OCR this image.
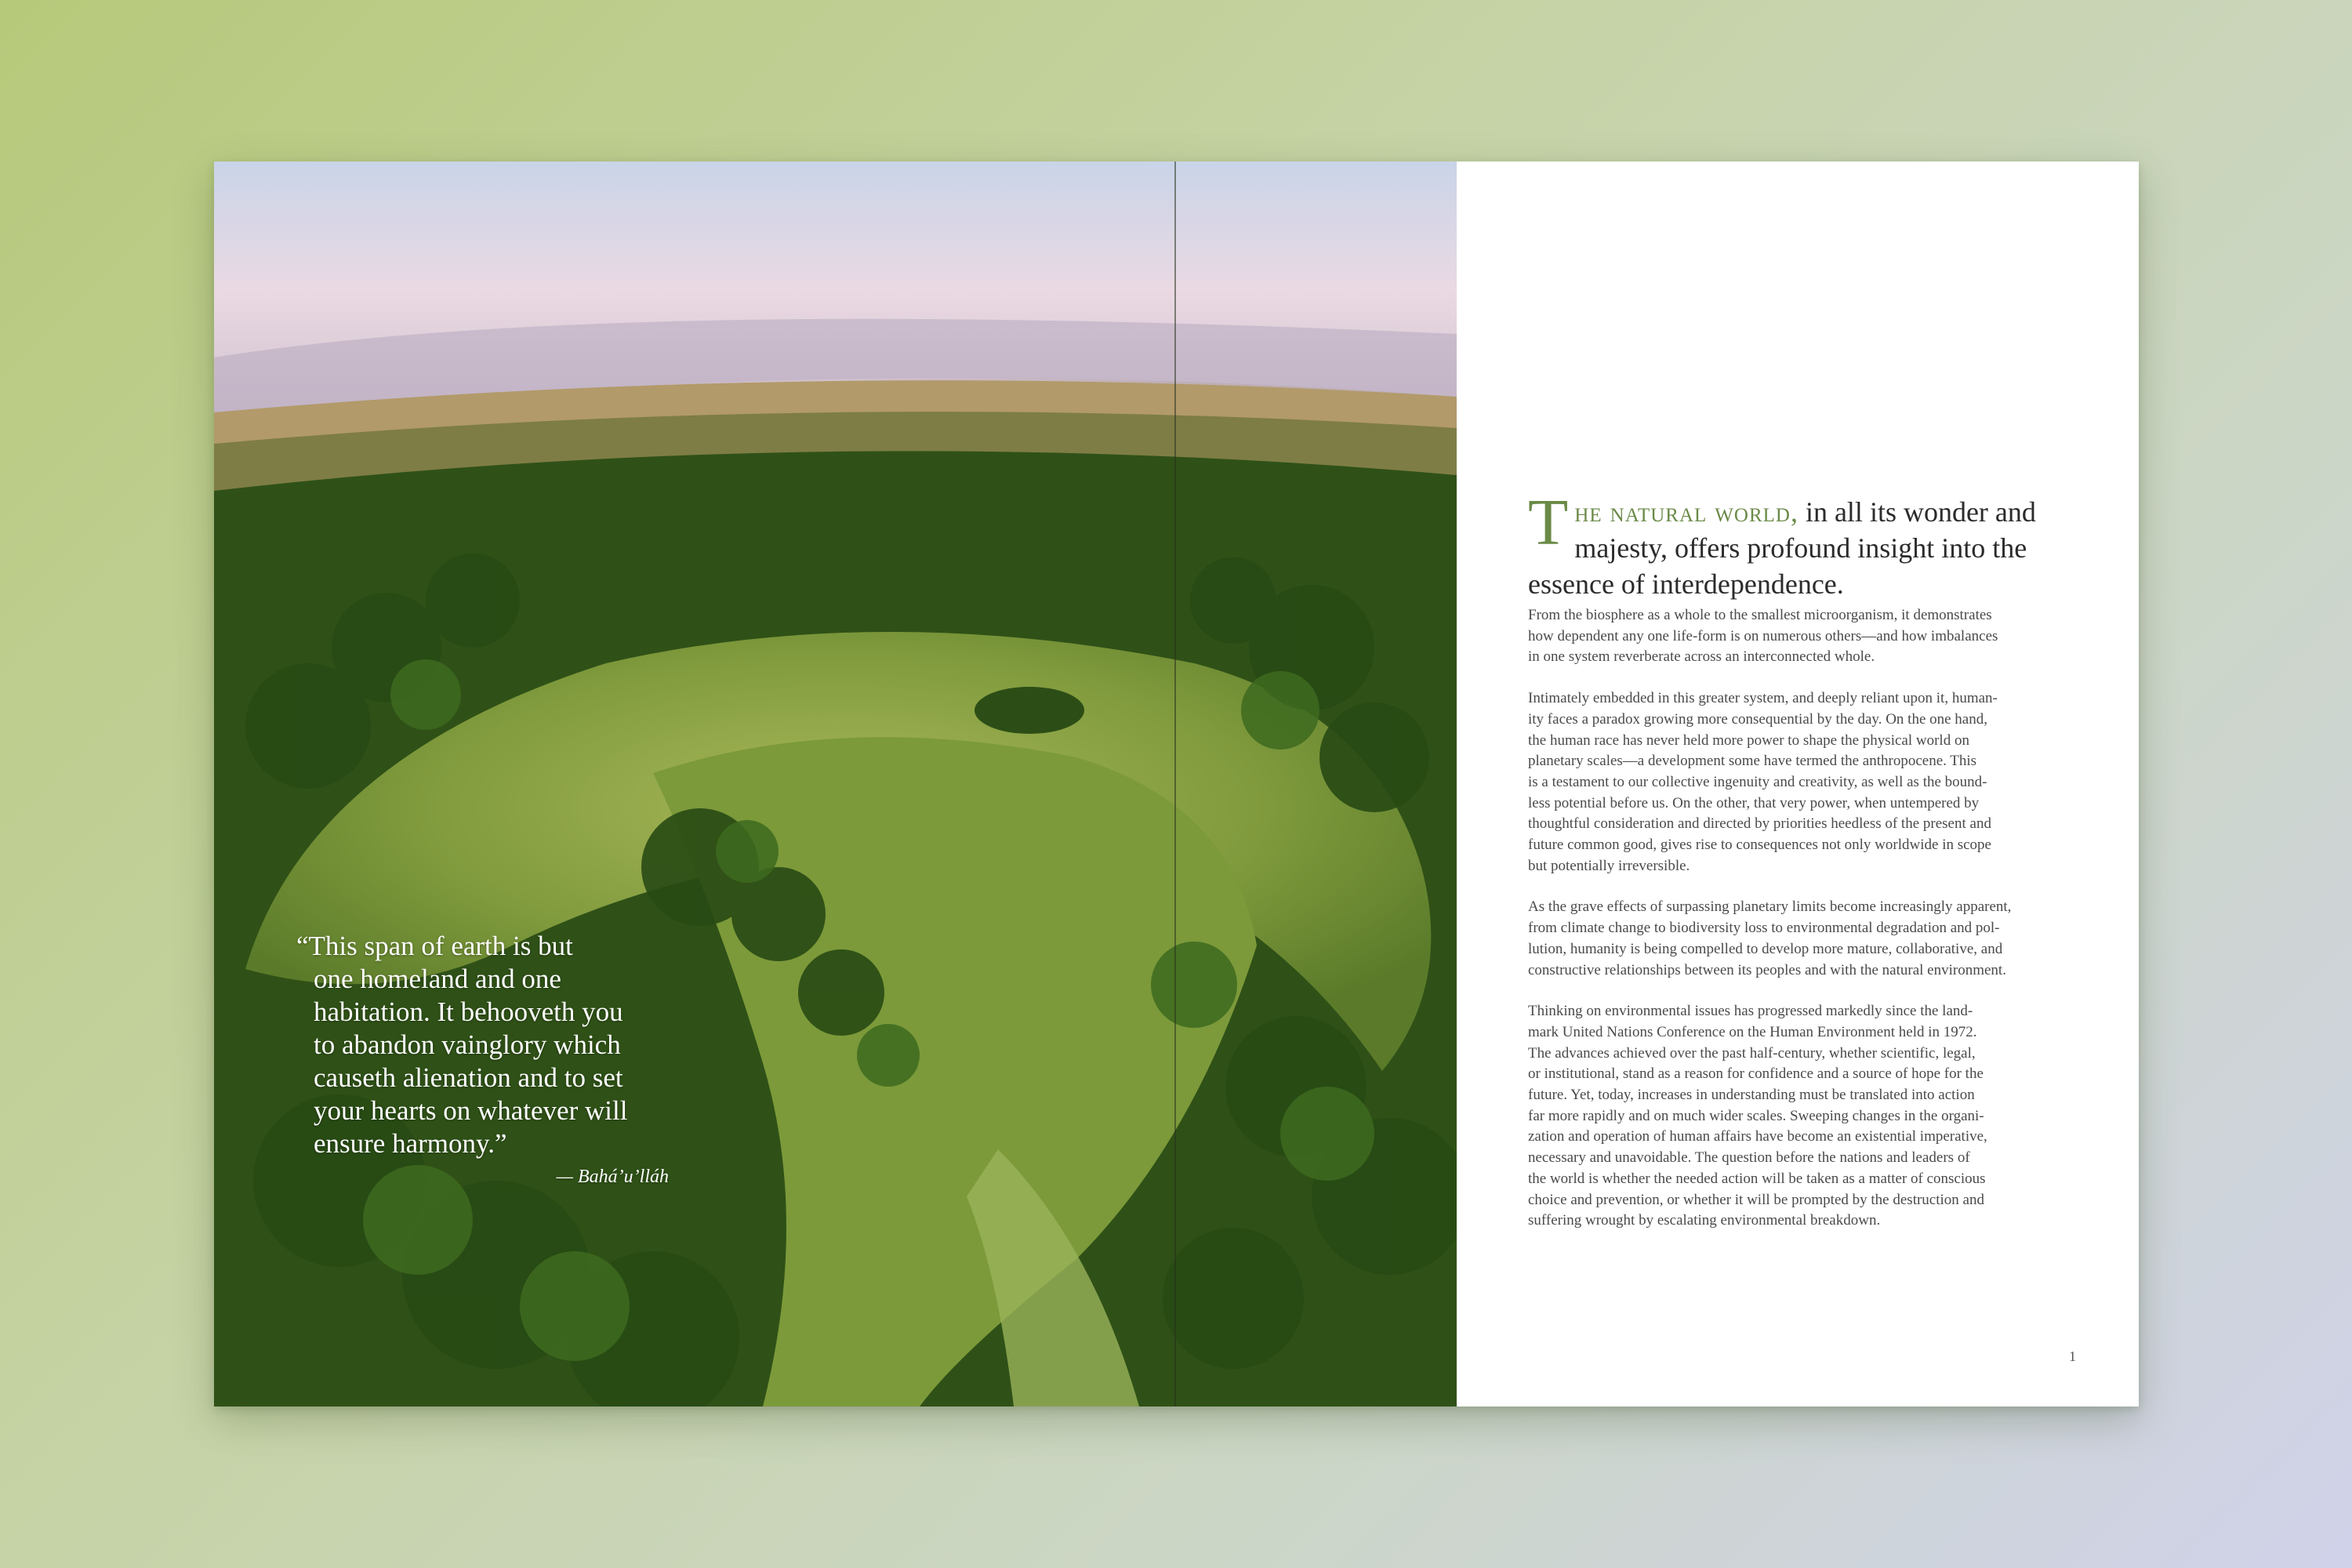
“This span of earth is but
one homeland and one
habitation. It behooveth you
to abandon vainglory which
causeth alienation and to set
your hearts on whatever will
ensure harmony.”

— Bahá’u’lláh

The natural world, in all its wonder and majesty, offers profound insight into the essence of interdependence.

From the biosphere as a whole to the smallest microorganism, it demonstrates
how dependent any one life-form is on numerous others—and how imbalances
in one system reverberate across an interconnected whole.

Intimately embedded in this greater system, and deeply reliant upon it, human-
ity faces a paradox growing more consequential by the day. On the one hand,
the human race has never held more power to shape the physical world on
planetary scales—a development some have termed the anthropocene. This
is a testament to our collective ingenuity and creativity, as well as the bound-
less potential before us. On the other, that very power, when untempered by
thoughtful consideration and directed by priorities heedless of the present and
future common good, gives rise to consequences not only worldwide in scope
but potentially irreversible.

As the grave effects of surpassing planetary limits become increasingly apparent,
from climate change to biodiversity loss to environmental degradation and pol-
lution, humanity is being compelled to develop more mature, collaborative, and
constructive relationships between its peoples and with the natural environment.

Thinking on environmental issues has progressed markedly since the land-
mark United Nations Conference on the Human Environment held in 1972.
The advances achieved over the past half-century, whether scientific, legal,
or institutional, stand as a reason for confidence and a source of hope for the
future. Yet, today, increases in understanding must be translated into action
far more rapidly and on much wider scales. Sweeping changes in the organi-
zation and operation of human affairs have become an existential imperative,
necessary and unavoidable. The question before the nations and leaders of
the world is whether the needed action will be taken as a matter of conscious
choice and prevention, or whether it will be prompted by the destruction and
suffering wrought by escalating environmental breakdown.

1
